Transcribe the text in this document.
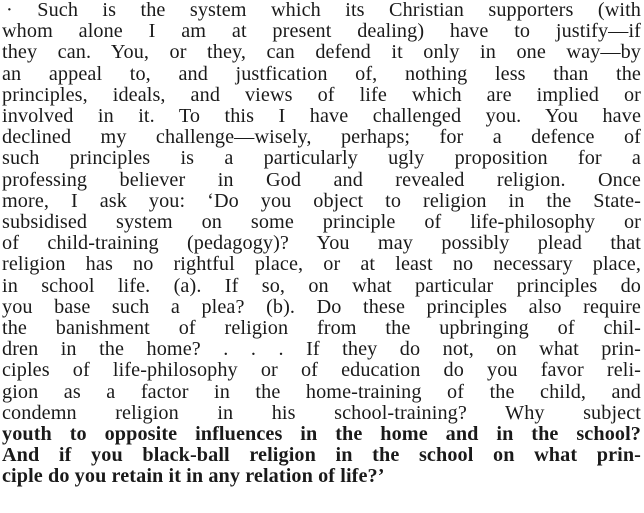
· Such is the system which its Christian supporters (with
whom alone I am at present dealing) have to justify—if
they can. You, or they, can defend it only in one way—by
an appeal to, and justfication of, nothing less than the
principles, ideals, and views of life which are implied or
involved in it. To this I have challenged you. You have
declined my challenge—wisely, perhaps; for a defence of
such principles is a particularly ugly proposition for a
professing believer in God and revealed religion. Once
more, I ask you: ‘Do you object to religion in the State-
subsidised system on some principle of life-philosophy or
of child-training (pedagogy)? You may possibly plead that
religion has no rightful place, or at least no necessary place,
in school life. (a). If so, on what particular principles do
you base such a plea? (b). Do these principles also require
the banishment of religion from the upbringing of chil-
dren in the home? . . . If they do not, on what prin-
ciples of life-philosophy or of education do you favor reli-
gion as a factor in the home-training of the child, and
condemn religion in his school-training? Why subject
youth to opposite influences in the home and in the school?
And if you black-ball religion in the school on what prin-
ciple do you retain it in any relation of life?’
